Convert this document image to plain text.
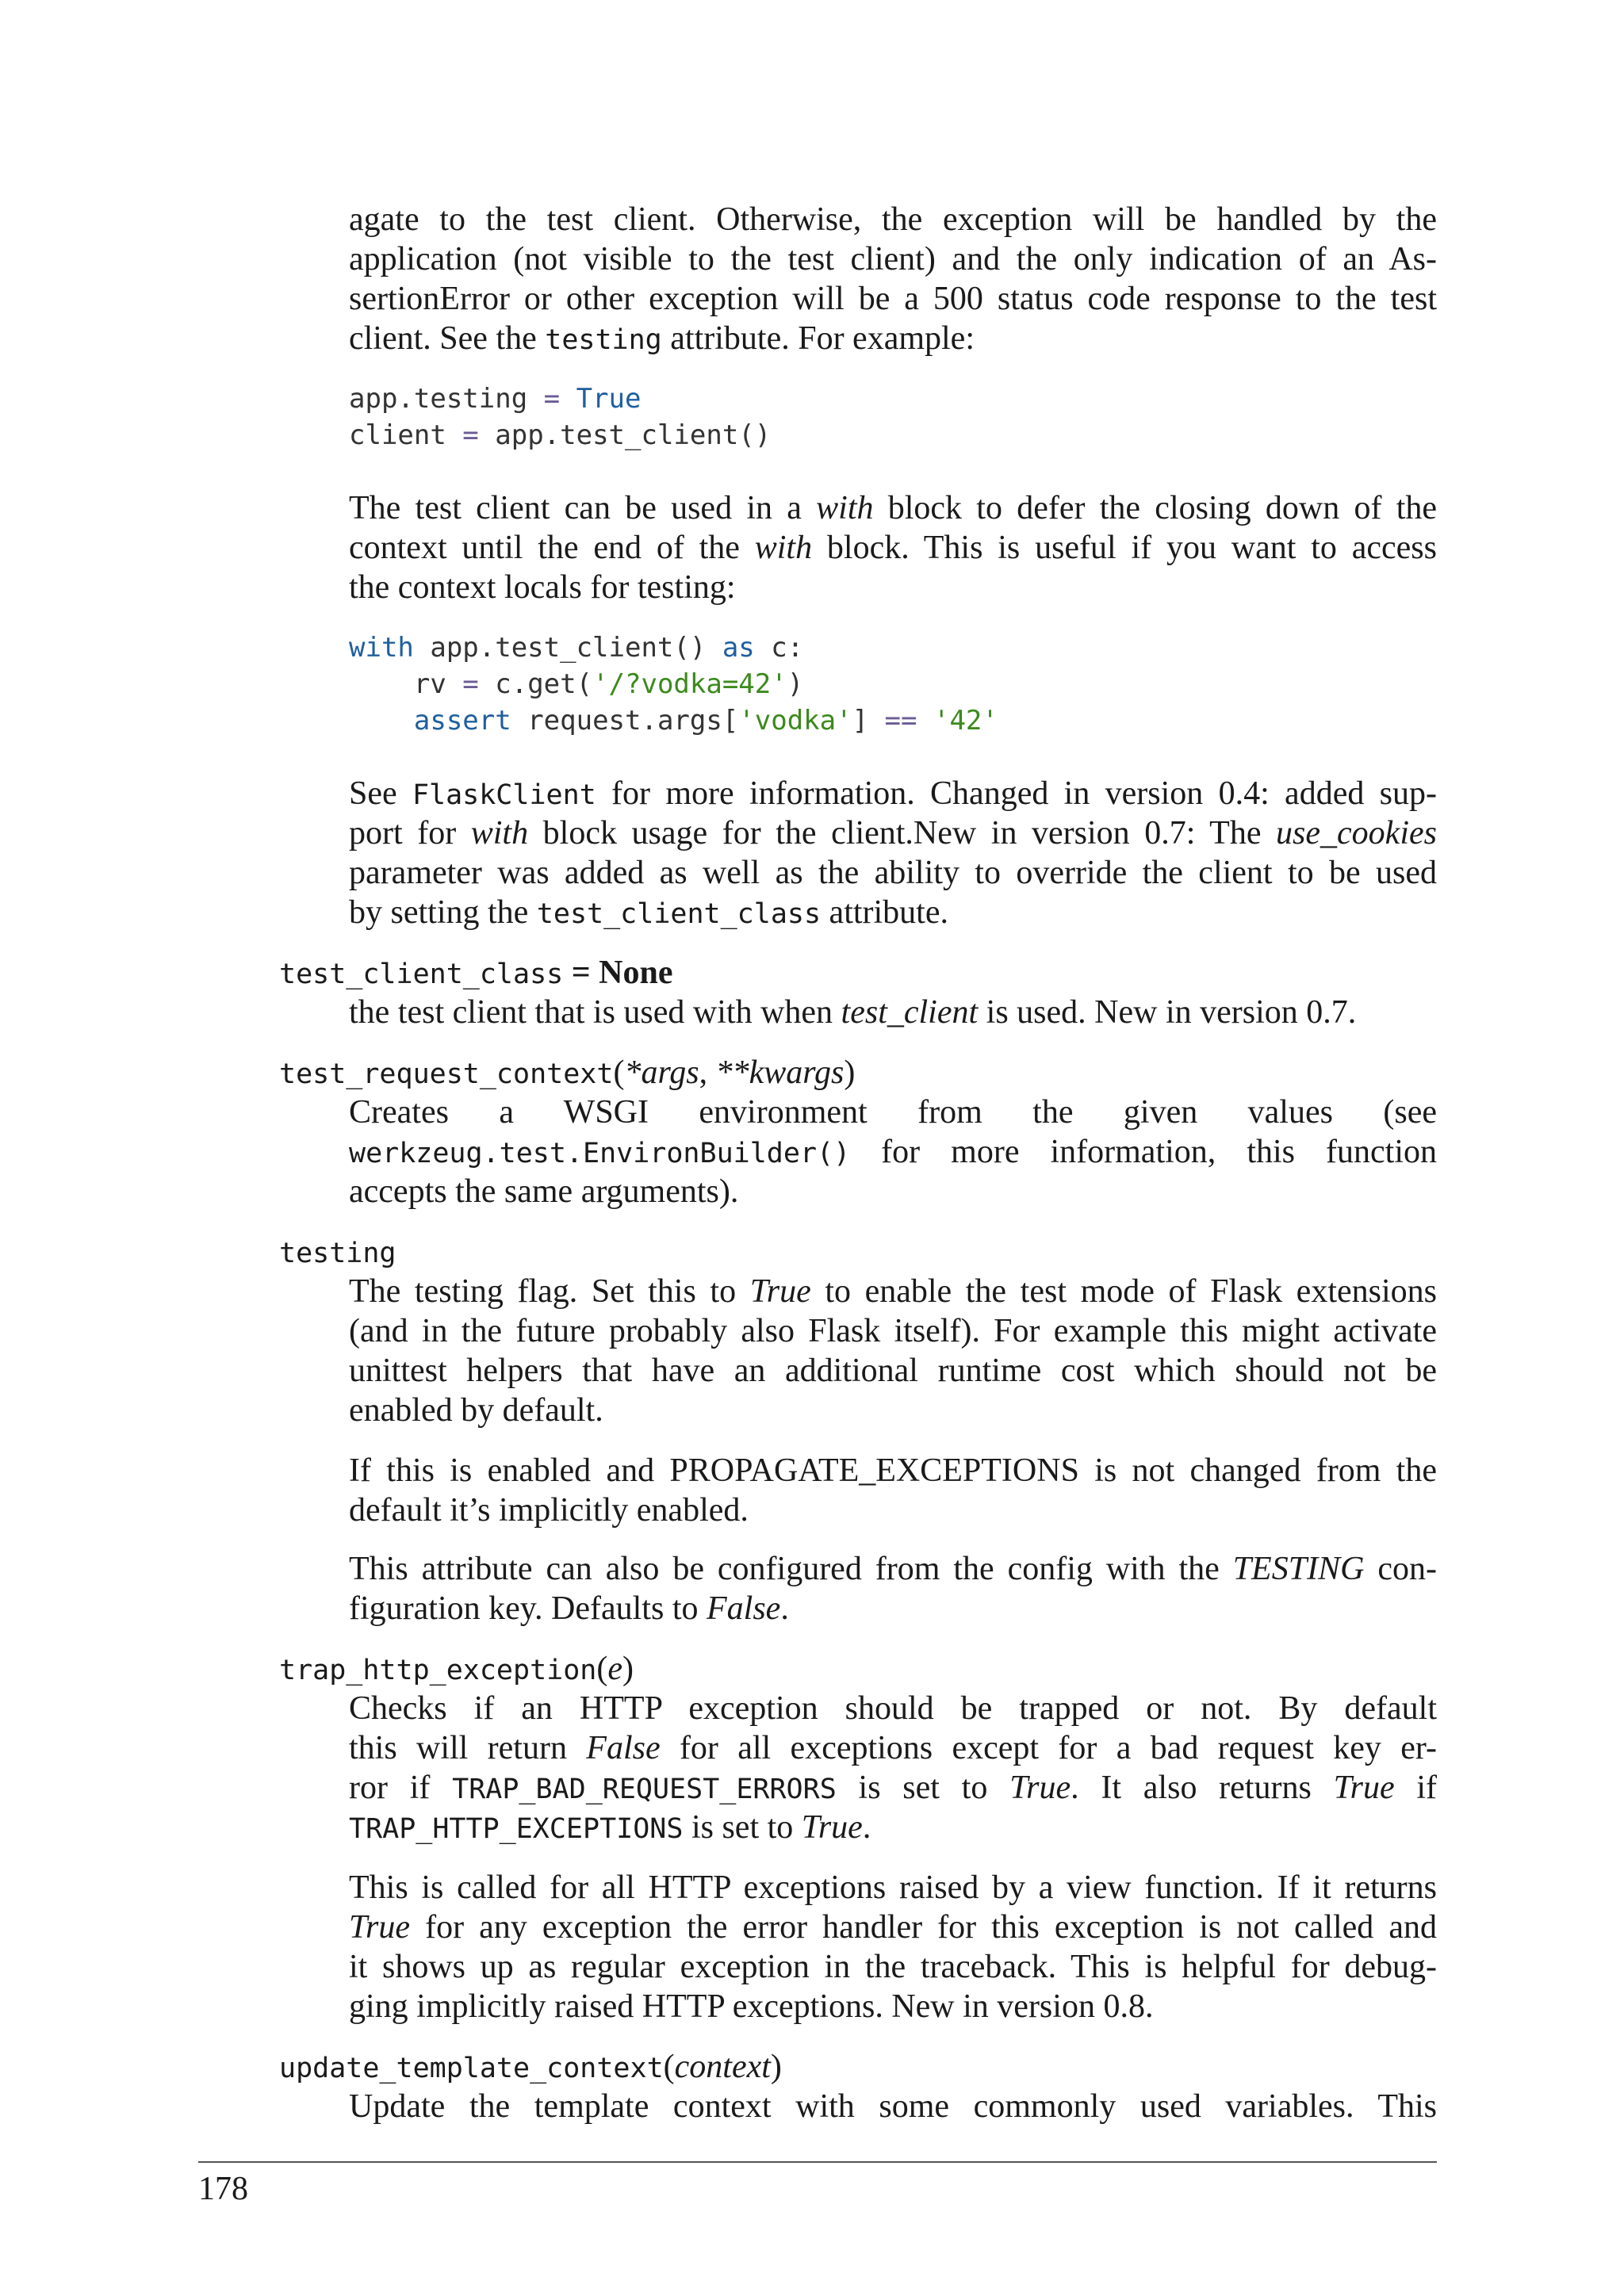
agate to the test client. Otherwise, the exception will be handled by the
application (not visible to the test client) and the only indication of an As-
sertionError or other exception will be a 500 status code response to the test
client. See the testing attribute. For example:
app.testing = True
client = app.test_client()
The test client can be used in a with block to defer the closing down of the
context until the end of the with block. This is useful if you want to access
the context locals for testing:
with app.test_client() as c:
rv = c.get('/?vodka=42')
assert request.args['vodka'] == '42'
See FlaskClient for more information. Changed in version 0.4: added sup-
port for with block usage for the client.New in version 0.7: The use_cookies
parameter was added as well as the ability to override the client to be used
by setting the test_client_class attribute.
test_client_class = None
the test client that is used with when test_client is used. New in version 0.7.
test_request_context(*args, **kwargs)
Creates a WSGI environment from the given values (see
werkzeug.test.EnvironBuilder() for more information, this function
accepts the same arguments).
testing
The testing flag. Set this to True to enable the test mode of Flask extensions
(and in the future probably also Flask itself). For example this might activate
unittest helpers that have an additional runtime cost which should not be
enabled by default.
If this is enabled and PROPAGATE_EXCEPTIONS is not changed from the
default it’s implicitly enabled.
This attribute can also be configured from the config with the TESTING con-
figuration key. Defaults to False.
trap_http_exception(e)
Checks if an HTTP exception should be trapped or not. By default
this will return False for all exceptions except for a bad request key er-
ror if TRAP_BAD_REQUEST_ERRORS is set to True. It also returns True if
TRAP_HTTP_EXCEPTIONS is set to True.
This is called for all HTTP exceptions raised by a view function. If it returns
True for any exception the error handler for this exception is not called and
it shows up as regular exception in the traceback. This is helpful for debug-
ging implicitly raised HTTP exceptions. New in version 0.8.
update_template_context(context)
Update the template context with some commonly used variables. This
178
